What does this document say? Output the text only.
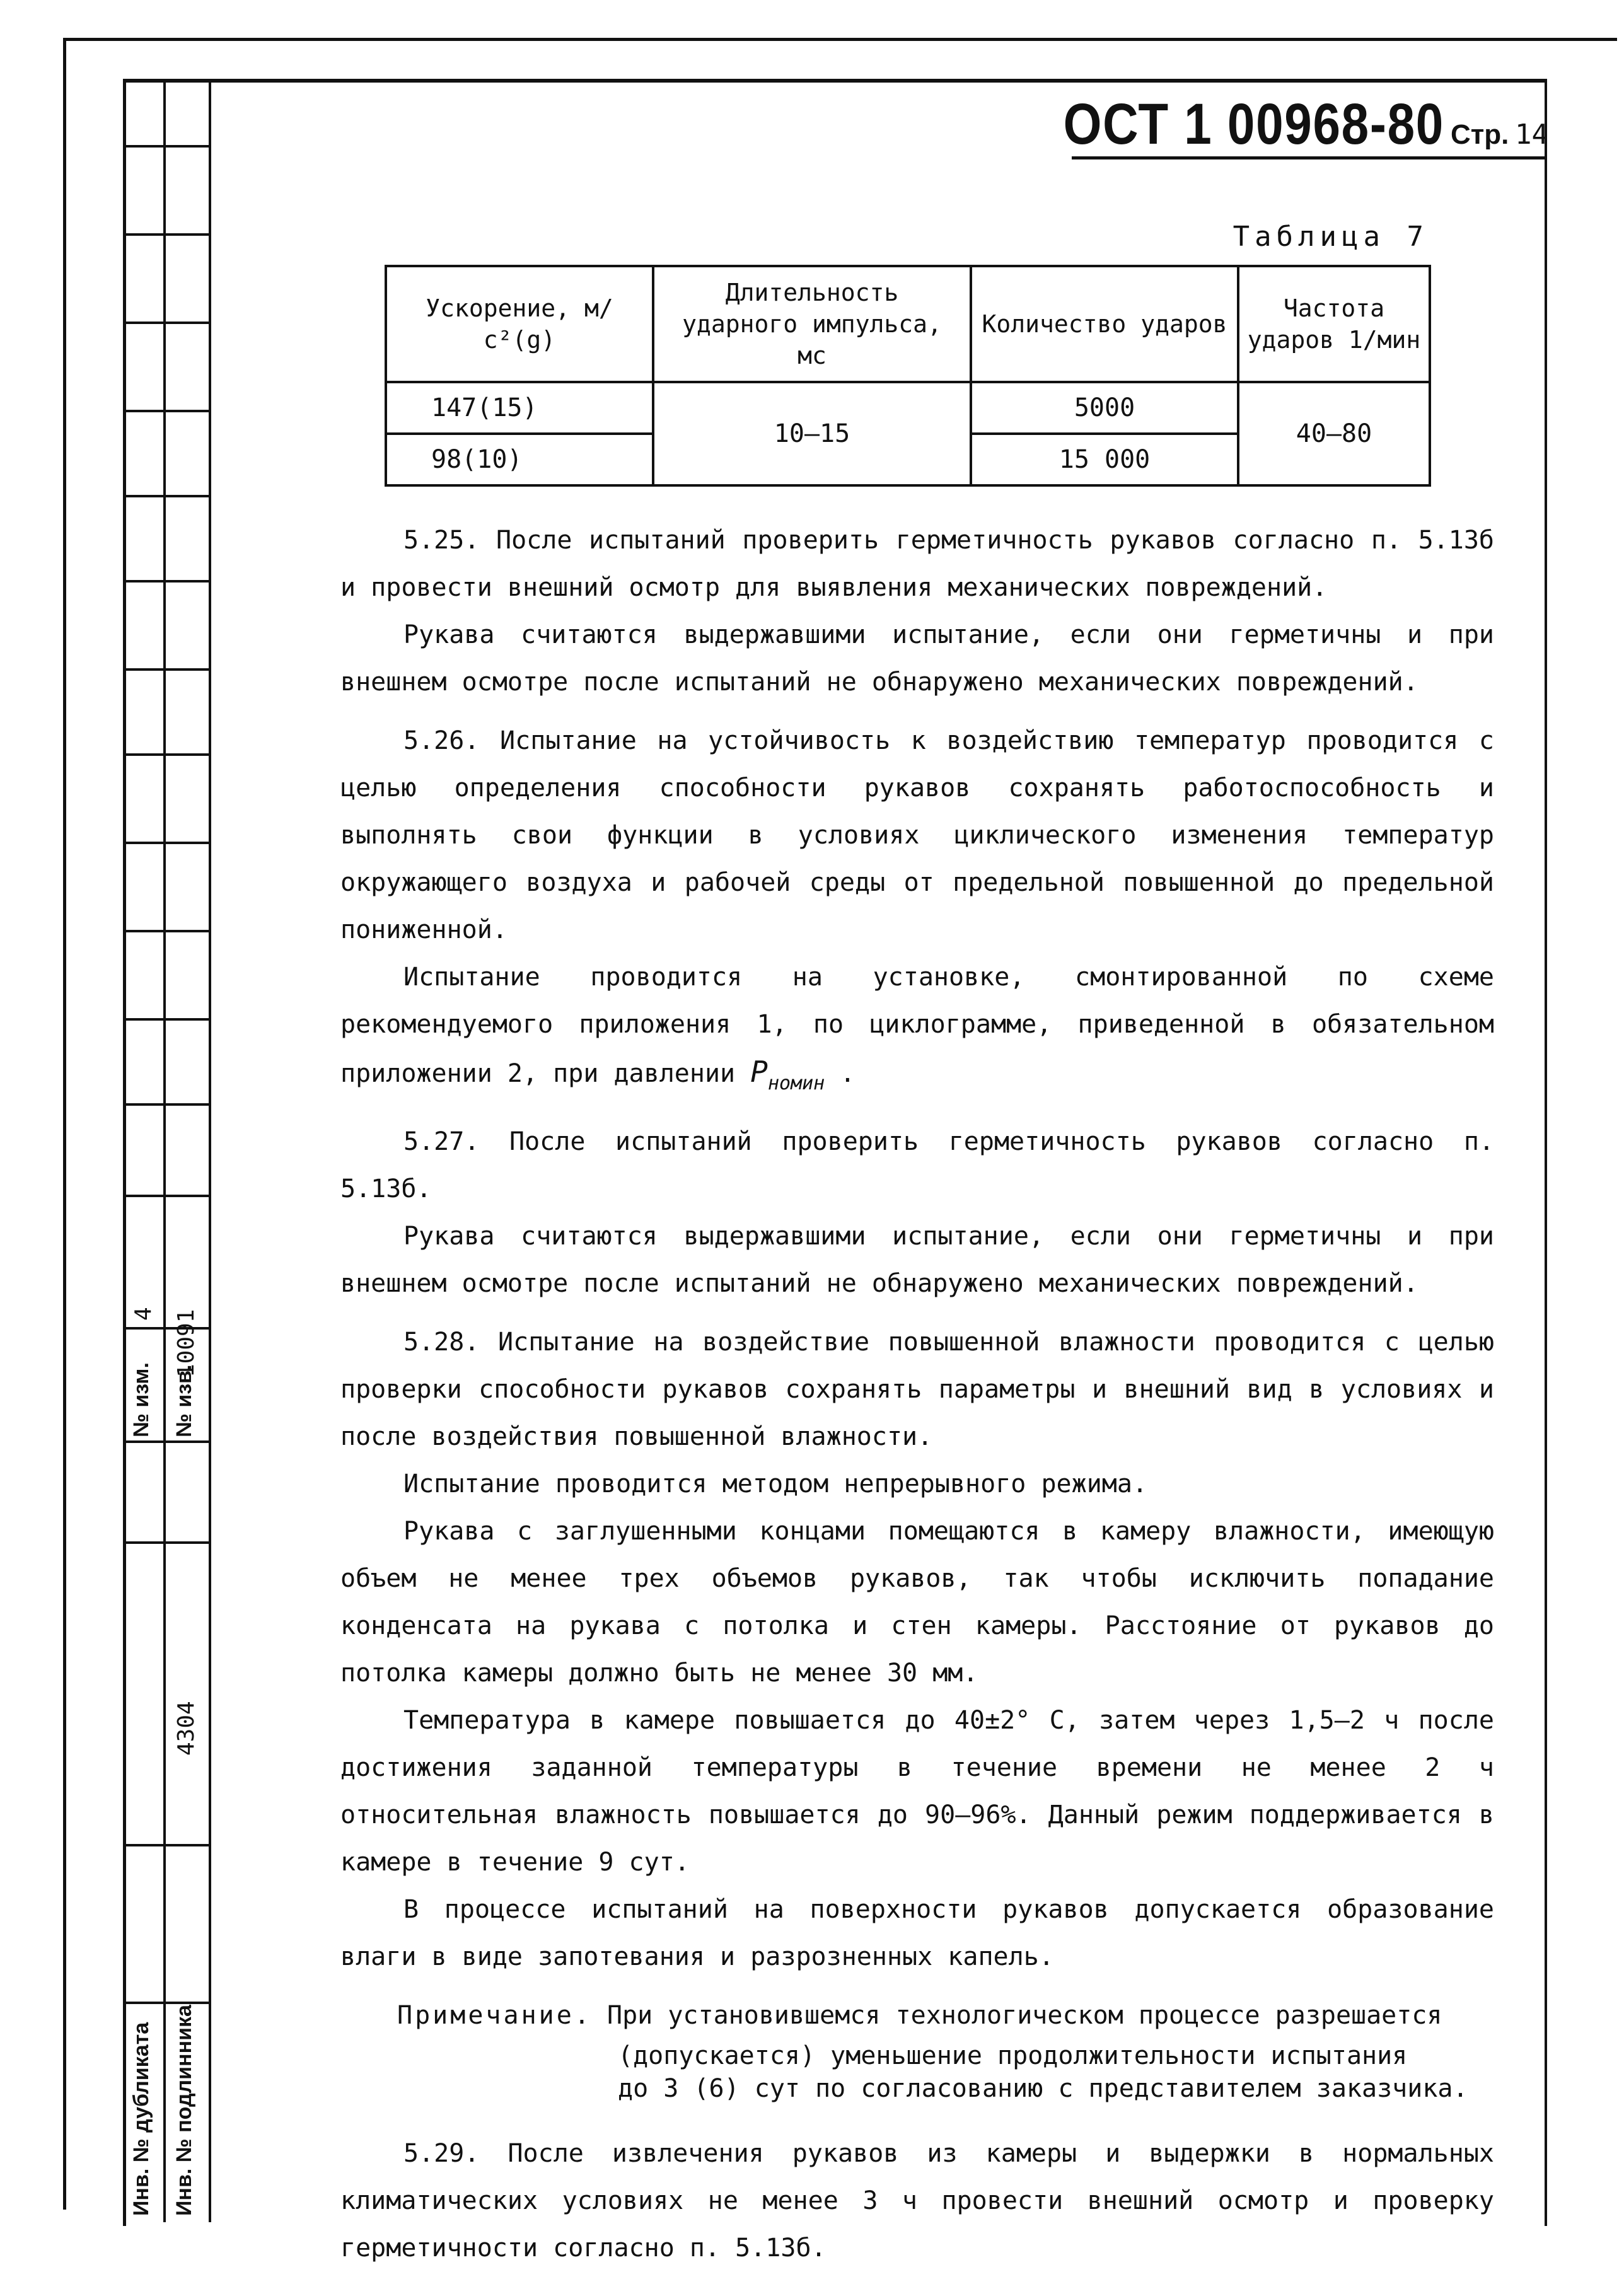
№ изм.
4
№ изв.
10091
Инв. № дубликата Инв. № подлинника
4304
ОСТ 1 00968-80 Стр. 14
Таблица 7
Ускорение, м/с²(g)	Длительность ударного импульса, мс	Количество ударов	Частота ударов 1/мин
147(15)	10–15	5000	40–80
98(10)		15 000	

5.25. После испытаний проверить герметичность рукавов согласно п. 5.13б и провести внешний осмотр для выявления механических повреждений.

Рукава считаются выдержавшими испытание, если они герметичны и при внешнем осмотре после испытаний не обнаружено механических повреждений.

5.26. Испытание на устойчивость к воздействию температур проводится с целью определения способности рукавов сохранять работоспособность и выполнять свои функции в условиях циклического изменения температур окружающего воздуха и рабочей среды от предельной повышенной до предельной пониженной.

Испытание проводится на установке, смонтированной по схеме рекомендуемого приложения 1, по циклограмме, приведенной в обязательном приложении 2, при давлении $P_{номин}$ .

5.27. После испытаний проверить герметичность рукавов согласно п. 5.13б.

Рукава считаются выдержавшими испытание, если они герметичны и при внешнем осмотре после испытаний не обнаружено механических повреждений.

5.28. Испытание на воздействие повышенной влажности проводится с целью проверки способности рукавов сохранять параметры и внешний вид в условиях и после воздействия повышенной влажности.

Испытание проводится методом непрерывного режима.

Рукава с заглушенными концами помещаются в камеру влажности, имеющую объем не менее трех объемов рукавов, так чтобы исключить попадание конденсата на рукава с потолка и стен камеры. Расстояние от рукавов до потолка камеры должно быть не менее 30 мм.

Температура в камере повышается до 40±2° С, затем через 1,5–2 ч после достижения заданной температуры в течение времени не менее 2 ч относительная влажность повышается до 90–96%. Данный режим поддерживается в камере в течение 9 сут.

В процессе испытаний на поверхности рукавов допускается образование влаги в виде запотевания и разрозненных капель.

Примечание. При установившемся технологическом процессе разрешается

(допускается) уменьшение продолжительности испытания

до 3 (6) сут по согласованию с представителем заказчика.

5.29. После извлечения рукавов из камеры и выдержки в нормальных климатических условиях не менее 3 ч провести внешний осмотр и проверку герметичности согласно п. 5.13б.
